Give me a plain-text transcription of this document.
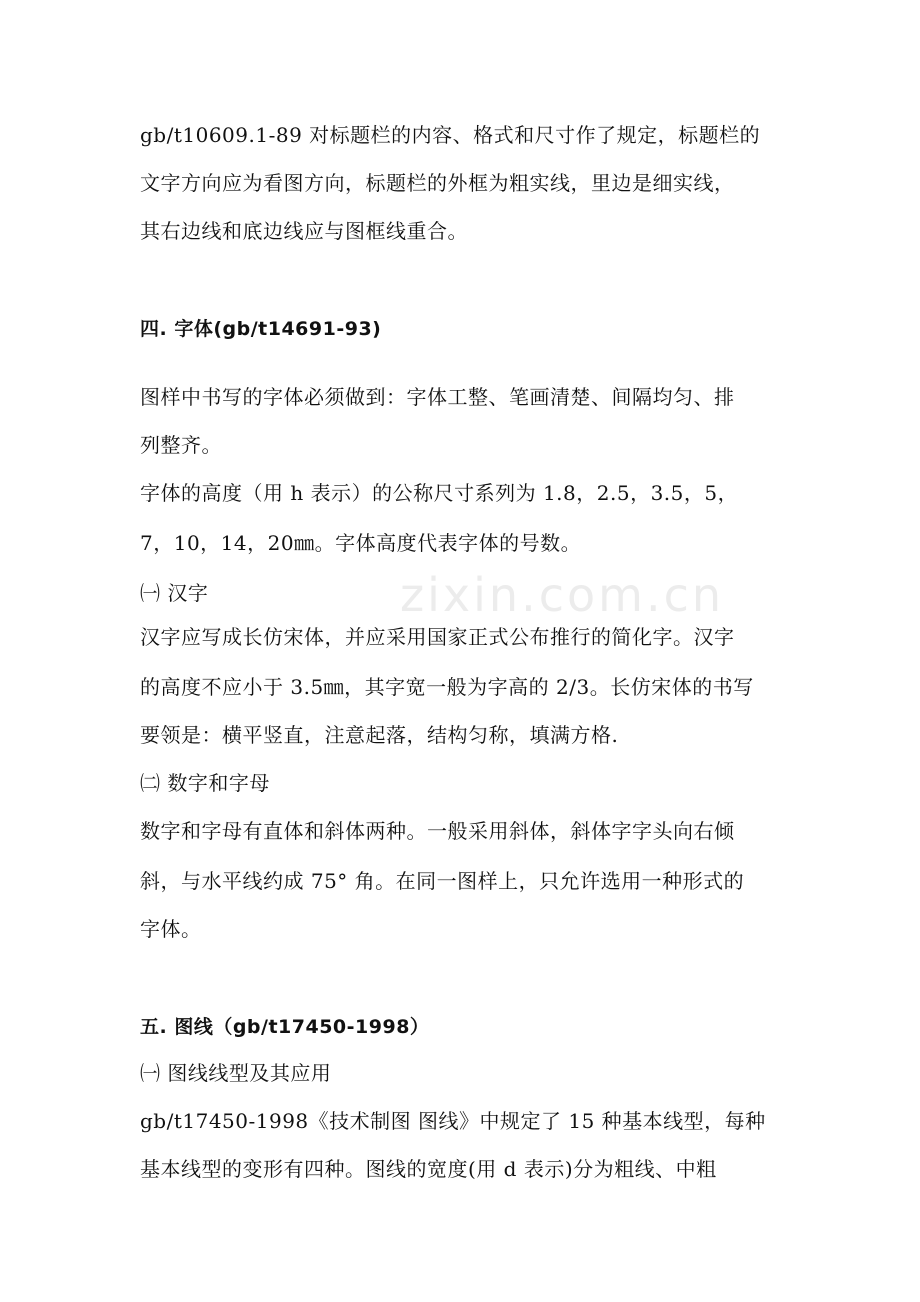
zixin.com.cn

gb/t10609.1-89 对标题栏的内容、格式和尺寸作了规定，标题栏的

文字方向应为看图方向，标题栏的外框为粗实线，里边是细实线，

其右边线和底边线应与图框线重合。

四. 字体(gb/t14691-93)

图样中书写的字体必须做到：字体工整、笔画清楚、间隔均匀、排

列整齐。

字体的高度（用 h 表示）的公称尺寸系列为 1.8，2.5，3.5，5，

7，10，14，20㎜。字体高度代表字体的号数。

㈠ 汉字

汉字应写成长仿宋体，并应采用国家正式公布推行的简化字。汉字

的高度不应小于 3.5㎜，其字宽一般为字高的 2/3。长仿宋体的书写

要领是：横平竖直，注意起落，结构匀称，填满方格.

㈡ 数字和字母

数字和字母有直体和斜体两种。一般采用斜体，斜体字字头向右倾

斜，与水平线约成 75° 角。在同一图样上，只允许选用一种形式的

字体。

五. 图线（gb/t17450-1998）

㈠ 图线线型及其应用

gb/t17450-1998《技术制图 图线》中规定了 15 种基本线型，每种

基本线型的变形有四种。图线的宽度(用 d 表示)分为粗线、中粗
